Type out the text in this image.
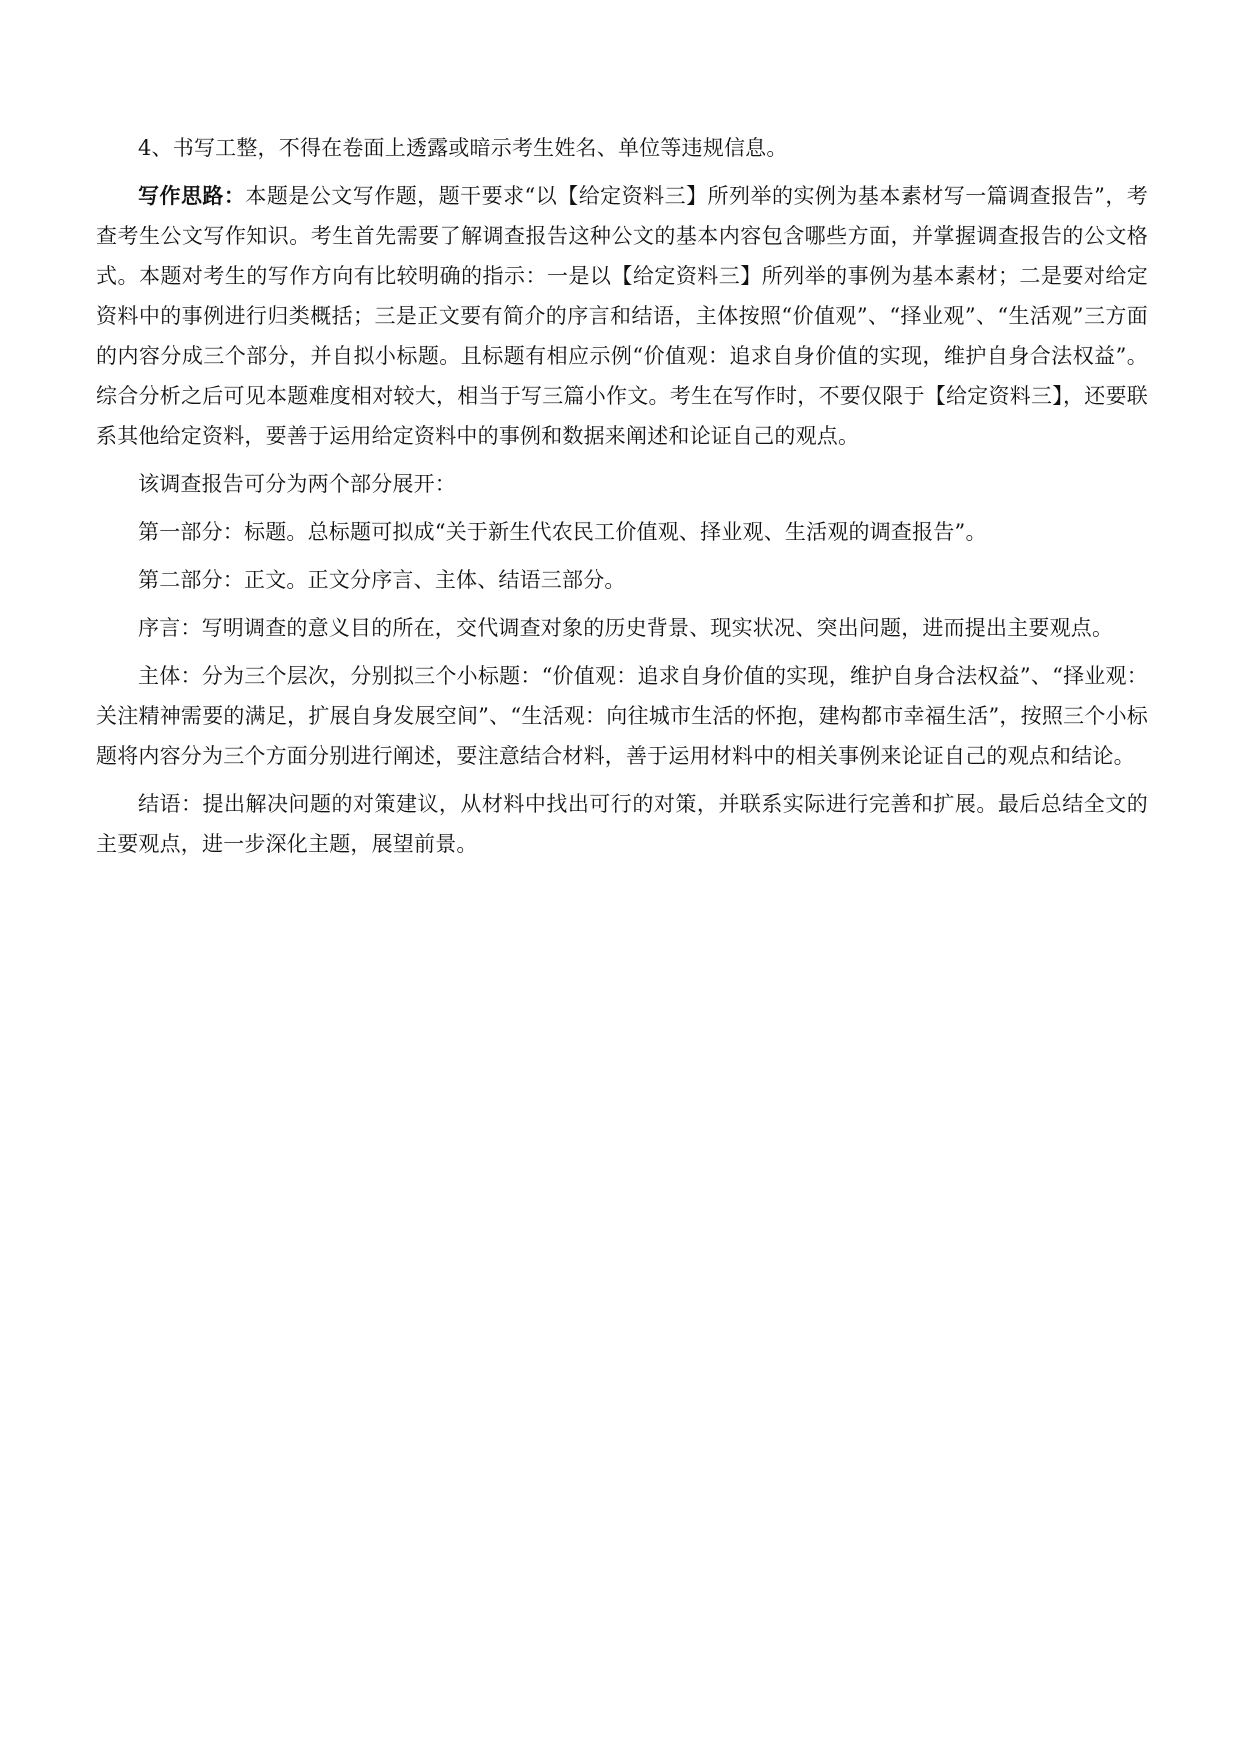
4、书写工整，不得在卷面上透露或暗示考生姓名、单位等违规信息。

写作思路：本题是公文写作题，题干要求“以【给定资料三】所列举的实例为基本素材写一篇调查报告”，考查考生公文写作知识。考生首先需要了解调查报告这种公文的基本内容包含哪些方面，并掌握调查报告的公文格式。本题对考生的写作方向有比较明确的指示：一是以【给定资料三】所列举的事例为基本素材；二是要对给定资料中的事例进行归类概括；三是正文要有简介的序言和结语，主体按照“价值观”、“择业观”、“生活观”三方面的内容分成三个部分，并自拟小标题。且标题有相应示例“价值观：追求自身价值的实现，维护自身合法权益”。综合分析之后可见本题难度相对较大，相当于写三篇小作文。考生在写作时，不要仅限于【给定资料三】，还要联系其他给定资料，要善于运用给定资料中的事例和数据来阐述和论证自己的观点。

该调查报告可分为两个部分展开：

第一部分：标题。总标题可拟成“关于新生代农民工价值观、择业观、生活观的调查报告”。

第二部分：正文。正文分序言、主体、结语三部分。

序言：写明调查的意义目的所在，交代调查对象的历史背景、现实状况、突出问题，进而提出主要观点。

主体：分为三个层次，分别拟三个小标题：“价值观：追求自身价值的实现，维护自身合法权益”、“择业观：关注精神需要的满足，扩展自身发展空间”、“生活观：向往城市生活的怀抱，建构都市幸福生活”，按照三个小标题将内容分为三个方面分别进行阐述，要注意结合材料，善于运用材料中的相关事例来论证自己的观点和结论。

结语：提出解决问题的对策建议，从材料中找出可行的对策，并联系实际进行完善和扩展。最后总结全文的主要观点，进一步深化主题，展望前景。
